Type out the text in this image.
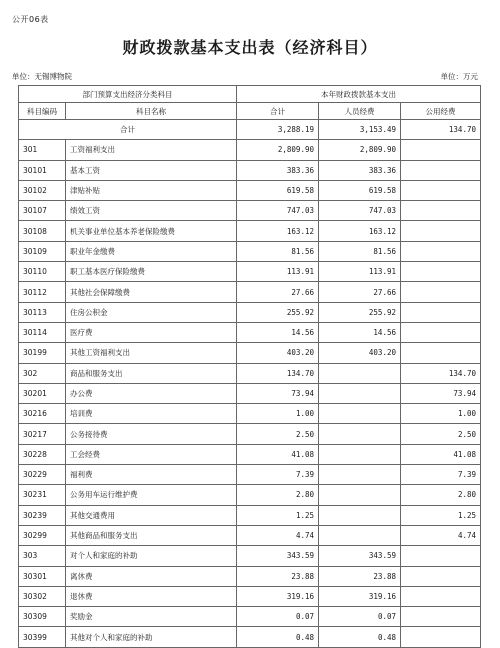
公开06表
财政拨款基本支出表（经济科目）
单位：无锡博物院	单位：万元
部门预算支出经济分类科目		本年财政拨款基本支出		
科目编码	科目名称	合计	人员经费	公用经费
合计		3,288.19	3,153.49	134.70
301	工资福利支出	2,809.90	2,809.90	
30101	基本工资	383.36	383.36	
30102	津贴补贴	619.58	619.58	
30107	绩效工资	747.03	747.03	
30108	机关事业单位基本养老保险缴费	163.12	163.12	
30109	职业年金缴费	81.56	81.56	
30110	职工基本医疗保险缴费	113.91	113.91	
30112	其他社会保障缴费	27.66	27.66	
30113	住房公积金	255.92	255.92	
30114	医疗费	14.56	14.56	
30199	其他工资福利支出	403.20	403.20	
302	商品和服务支出	134.70		134.70
30201	办公费	73.94		73.94
30216	培训费	1.00		1.00
30217	公务接待费	2.50		2.50
30228	工会经费	41.08		41.08
30229	福利费	7.39		7.39
30231	公务用车运行维护费	2.80		2.80
30239	其他交通费用	1.25		1.25
30299	其他商品和服务支出	4.74		4.74
303	对个人和家庭的补助	343.59	343.59	
30301	离休费	23.88	23.88	
30302	退休费	319.16	319.16	
30309	奖励金	0.07	0.07	
30399	其他对个人和家庭的补助	0.48	0.48	
